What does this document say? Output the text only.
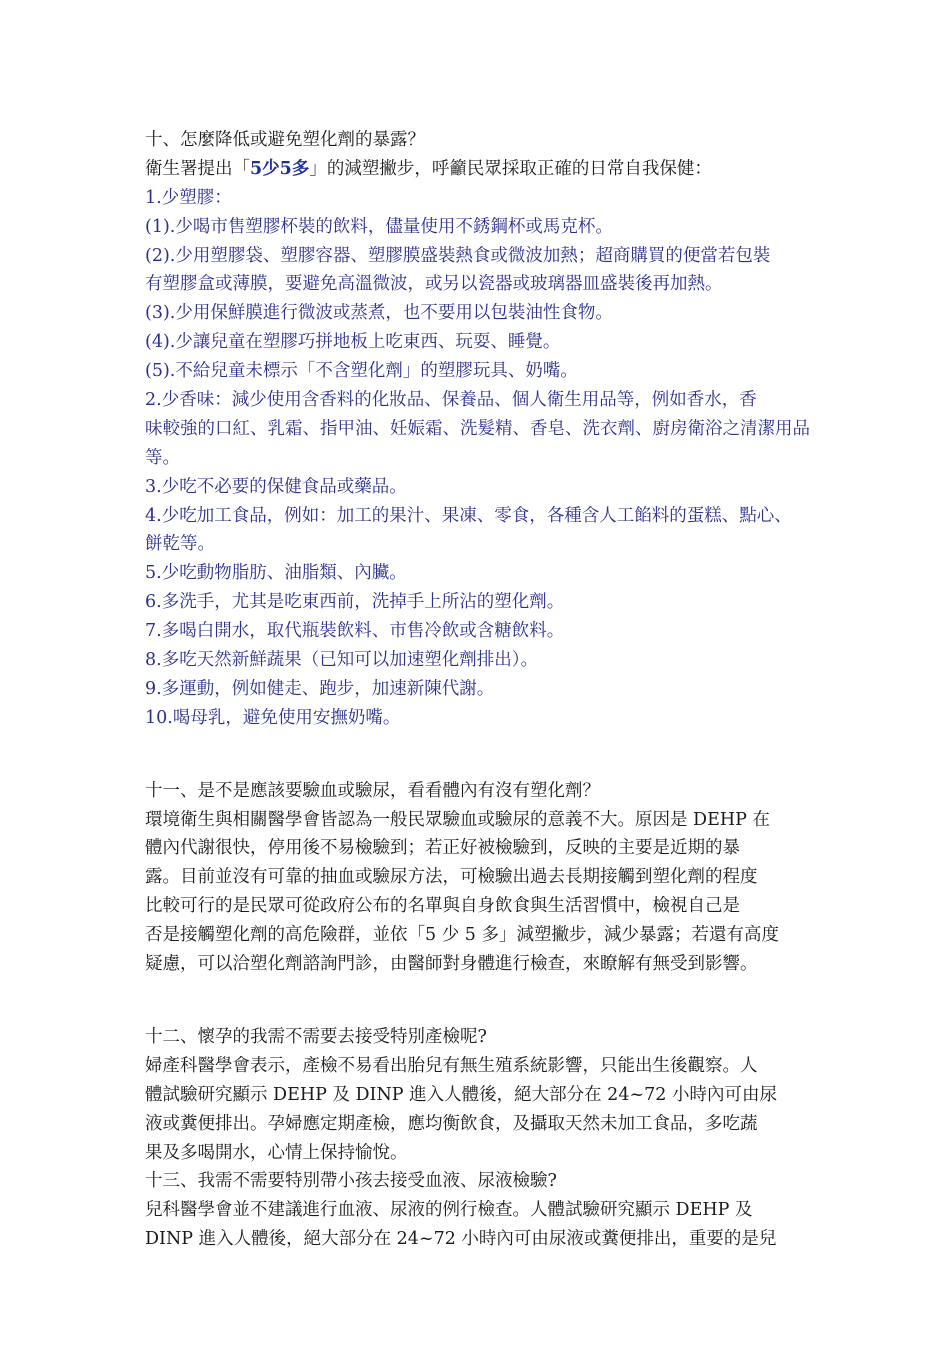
十、怎麼降低或避免塑化劑的暴露？
衛生署提出「5少5多」的減塑撇步，呼籲民眾採取正確的日常自我保健：
1.少塑膠：
(1).少喝市售塑膠杯裝的飲料，儘量使用不銹鋼杯或馬克杯。
(2).少用塑膠袋、塑膠容器、塑膠膜盛裝熱食或微波加熱；超商購買的便當若包裝
有塑膠盒或薄膜，要避免高溫微波，或另以瓷器或玻璃器皿盛裝後再加熱。
(3).少用保鮮膜進行微波或蒸煮，也不要用以包裝油性食物。
(4).少讓兒童在塑膠巧拼地板上吃東西、玩耍、睡覺。
(5).不給兒童未標示「不含塑化劑」的塑膠玩具、奶嘴。
2.少香味：減少使用含香料的化妝品、保養品、個人衛生用品等，例如香水，香
味較強的口紅、乳霜、指甲油、妊娠霜、洗髮精、香皂、洗衣劑、廚房衛浴之清潔用品
等。
3.少吃不必要的保健食品或藥品。
4.少吃加工食品，例如：加工的果汁、果凍、零食，各種含人工餡料的蛋糕、點心、
餅乾等。
5.少吃動物脂肪、油脂類、內臟。
6.多洗手，尤其是吃東西前，洗掉手上所沾的塑化劑。
7.多喝白開水，取代瓶裝飲料、市售冷飲或含糖飲料。
8.多吃天然新鮮蔬果（已知可以加速塑化劑排出）。
9.多運動，例如健走、跑步，加速新陳代謝。
10.喝母乳，避免使用安撫奶嘴。
十一、是不是應該要驗血或驗尿，看看體內有沒有塑化劑？
環境衛生與相關醫學會皆認為一般民眾驗血或驗尿的意義不大。原因是 DEHP 在
體內代謝很快，停用後不易檢驗到；若正好被檢驗到，反映的主要是近期的暴
露。目前並沒有可靠的抽血或驗尿方法，可檢驗出過去長期接觸到塑化劑的程度
比較可行的是民眾可從政府公布的名單與自身飲食與生活習慣中，檢視自己是
否是接觸塑化劑的高危險群，並依「5 少 5 多」減塑撇步，減少暴露；若還有高度
疑慮，可以洽塑化劑諮詢門診，由醫師對身體進行檢查，來瞭解有無受到影響。
十二、懷孕的我需不需要去接受特別產檢呢?
婦產科醫學會表示，產檢不易看出胎兒有無生殖系統影響，只能出生後觀察。人
體試驗研究顯示 DEHP 及 DINP 進入人體後，絕大部分在 24~72 小時內可由尿
液或糞便排出。孕婦應定期產檢，應均衡飲食，及攝取天然未加工食品，多吃蔬
果及多喝開水，心情上保持愉悅。
十三、我需不需要特別帶小孩去接受血液、尿液檢驗?
兒科醫學會並不建議進行血液、尿液的例行檢查。人體試驗研究顯示 DEHP 及
DINP 進入人體後，絕大部分在 24~72 小時內可由尿液或糞便排出，重要的是兒
